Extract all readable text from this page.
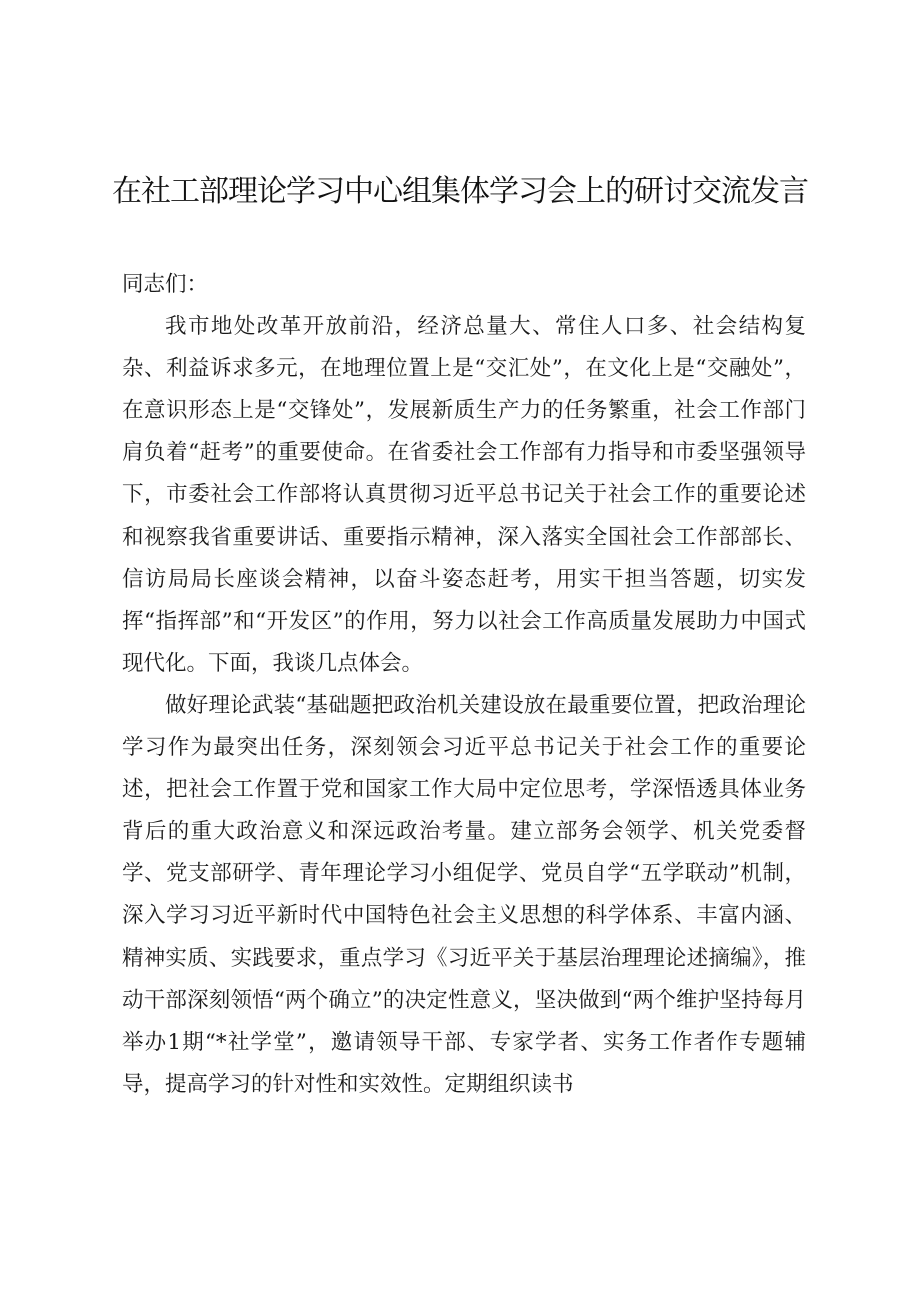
在社工部理论学习中心组集体学习会上的研讨交流发言

同志们：

我市地处改革开放前沿，经济总量大、常住人口多、社会结构复杂、利益诉求多元，在地理位置上是“交汇处”，在文化上是“交融处”，在意识形态上是“交锋处”，发展新质生产力的任务繁重，社会工作部门肩负着“赶考”的重要使命。在省委社会工作部有力指导和市委坚强领导下，市委社会工作部将认真贯彻习近平总书记关于社会工作的重要论述和视察我省重要讲话、重要指示精神，深入落实全国社会工作部部长、信访局局长座谈会精神，以奋斗姿态赶考，用实干担当答题，切实发挥“指挥部”和“开发区”的作用，努力以社会工作高质量发展助力中国式现代化。下面，我谈几点体会。

做好理论武装“基础题把政治机关建设放在最重要位置，把政治理论学习作为最突出任务，深刻领会习近平总书记关于社会工作的重要论述，把社会工作置于党和国家工作大局中定位思考，学深悟透具体业务背后的重大政治意义和深远政治考量。建立部务会领学、机关党委督学、党支部研学、青年理论学习小组促学、党员自学“五学联动”机制，深入学习习近平新时代中国特色社会主义思想的科学体系、丰富内涵、精神实质、实践要求，重点学习《习近平关于基层治理理论述摘编》，推动干部深刻领悟“两个确立”的决定性意义，坚决做到“两个维护坚持每月举办1期“*社学堂”，邀请领导干部、专家学者、实务工作者作专题辅导，提高学习的针对性和实效性。定期组织读书
